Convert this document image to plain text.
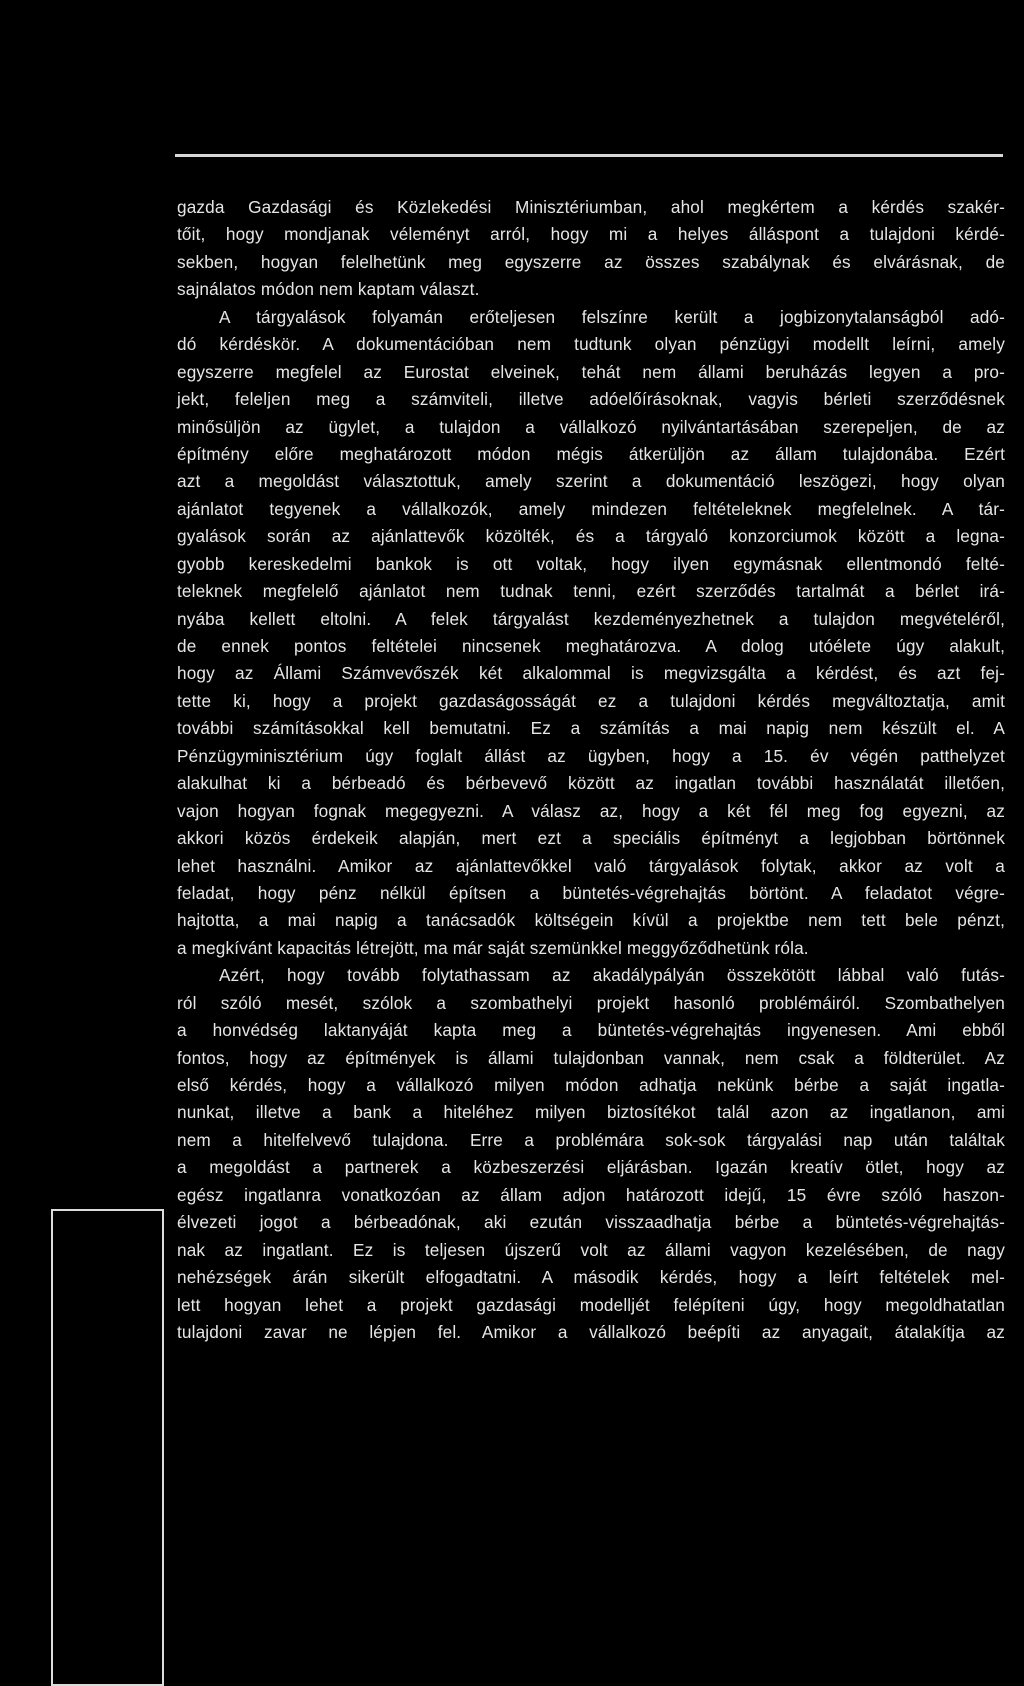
gazda Gazdasági és Közlekedési Minisztériumban, ahol megkértem a kérdés szakér-
tőit, hogy mondjanak véleményt arról, hogy mi a helyes álláspont a tulajdoni kérdé-
sekben, hogyan felelhetünk meg egyszerre az összes szabálynak és elvárásnak, de
sajnálatos módon nem kaptam választ.
A tárgyalások folyamán erőteljesen felszínre került a jogbizonytalanságból adó-
dó kérdéskör. A dokumentációban nem tudtunk olyan pénzügyi modellt leírni, amely
egyszerre megfelel az Eurostat elveinek, tehát nem állami beruházás legyen a pro-
jekt, feleljen meg a számviteli, illetve adóelőírásoknak, vagyis bérleti szerződésnek
minősüljön az ügylet, a tulajdon a vállalkozó nyilvántartásában szerepeljen, de az
építmény előre meghatározott módon mégis átkerüljön az állam tulajdonába. Ezért
azt a megoldást választottuk, amely szerint a dokumentáció leszögezi, hogy olyan
ajánlatot tegyenek a vállalkozók, amely mindezen feltételeknek megfelelnek. A tár-
gyalások során az ajánlattevők közölték, és a tárgyaló konzorciumok között a legna-
gyobb kereskedelmi bankok is ott voltak, hogy ilyen egymásnak ellentmondó felté-
teleknek megfelelő ajánlatot nem tudnak tenni, ezért szerződés tartalmát a bérlet irá-
nyába kellett eltolni. A felek tárgyalást kezdeményezhetnek a tulajdon megvételéről,
de ennek pontos feltételei nincsenek meghatározva. A dolog utóélete úgy alakult,
hogy az Állami Számvevőszék két alkalommal is megvizsgálta a kérdést, és azt fej-
tette ki, hogy a projekt gazdaságosságát ez a tulajdoni kérdés megváltoztatja, amit
további számításokkal kell bemutatni. Ez a számítás a mai napig nem készült el. A
Pénzügyminisztérium úgy foglalt állást az ügyben, hogy a 15. év végén patthelyzet
alakulhat ki a bérbeadó és bérbevevő között az ingatlan további használatát illetően,
vajon hogyan fognak megegyezni. A válasz az, hogy a két fél meg fog egyezni, az
akkori közös érdekeik alapján, mert ezt a speciális építményt a legjobban börtönnek
lehet használni. Amikor az ajánlattevőkkel való tárgyalások folytak, akkor az volt a
feladat, hogy pénz nélkül építsen a büntetés-végrehajtás börtönt. A feladatot végre-
hajtotta, a mai napig a tanácsadók költségein kívül a projektbe nem tett bele pénzt,
a megkívánt kapacitás létrejött, ma már saját szemünkkel meggyőződhetünk róla.
Azért, hogy tovább folytathassam az akadálypályán összekötött lábbal való futás-
ról szóló mesét, szólok a szombathelyi projekt hasonló problémáiról. Szombathelyen
a honvédség laktanyáját kapta meg a büntetés-végrehajtás ingyenesen. Ami ebből
fontos, hogy az építmények is állami tulajdonban vannak, nem csak a földterület. Az
első kérdés, hogy a vállalkozó milyen módon adhatja nekünk bérbe a saját ingatla-
nunkat, illetve a bank a hiteléhez milyen biztosítékot talál azon az ingatlanon, ami
nem a hitelfelvevő tulajdona. Erre a problémára sok-sok tárgyalási nap után találtak
a megoldást a partnerek a közbeszerzési eljárásban. Igazán kreatív ötlet, hogy az
egész ingatlanra vonatkozóan az állam adjon határozott idejű, 15 évre szóló haszon-
élvezeti jogot a bérbeadónak, aki ezután visszaadhatja bérbe a büntetés-végrehajtás-
nak az ingatlant. Ez is teljesen újszerű volt az állami vagyon kezelésében, de nagy
nehézségek árán sikerült elfogadtatni. A második kérdés, hogy a leírt feltételek mel-
lett hogyan lehet a projekt gazdasági modelljét felépíteni úgy, hogy megoldhatatlan
tulajdoni zavar ne lépjen fel. Amikor a vállalkozó beépíti az anyagait, átalakítja az
